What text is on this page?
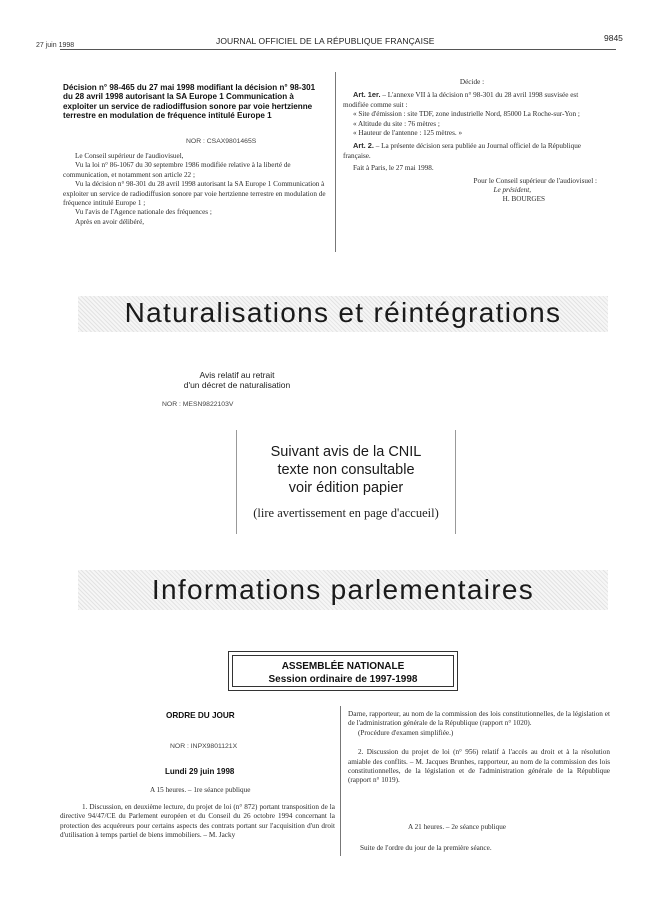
27 juin 1998	JOURNAL OFFICIEL DE LA RÉPUBLIQUE FRANÇAISE	9845
Décision n° 98-465 du 27 mai 1998 modifiant la décision n° 98-301 du 28 avril 1998 autorisant la SA Europe 1 Communication à exploiter un service de radiodiffusion sonore par voie hertzienne terrestre en modulation de fréquence intitulé Europe 1
NOR : CSAX9801465S

Le Conseil supérieur de l'audiovisuel,

Vu la loi n° 86-1067 du 30 septembre 1986 modifiée relative à la liberté de communication, et notamment son article 22 ;

Vu la décision n° 98-301 du 28 avril 1998 autorisant la SA Europe 1 Communication à exploiter un service de radiodiffusion sonore par voie hertzienne terrestre en modulation de fréquence intitulé Europe 1 ;

Vu l'avis de l'Agence nationale des fréquences ;

Après en avoir délibéré,

Décide :

Art. 1er. – L'annexe VII à la décision n° 98-301 du 28 avril 1998 susvisée est modifiée comme suit :

« Site d'émission : site TDF, zone industrielle Nord, 85000 La Roche-sur-Yon ;

« Altitude du site : 76 mètres ;

« Hauteur de l'antenne : 125 mètres. »

Art. 2. – La présente décision sera publiée au Journal officiel de la République française.

Fait à Paris, le 27 mai 1998.

Pour le Conseil supérieur de l'audiovisuel :

Le président,

H. BOURGES

Naturalisations et réintégrations
Avis relatif au retrait
d'un décret de naturalisation
NOR : MESN9822103V
Suivant avis de la CNIL
texte non consultable
voir édition papier
(lire avertissement en page d'accueil)
Informations parlementaires
ASSEMBLÉE NATIONALE
Session ordinaire de 1997-1998
ORDRE DU JOUR
NOR : INPX9801121X
Lundi 29 juin 1998
A 15 heures. – 1re séance publique

1. Discussion, en deuxième lecture, du projet de loi (n° 872) portant transposition de la directive 94/47/CE du Parlement européen et du Conseil du 26 octobre 1994 concernant la protection des acquéreurs pour certains aspects des contrats portant sur l'acquisition d'un droit d'utilisation à temps partiel de biens immobiliers. – M. Jacky

Darne, rapporteur, au nom de la commission des lois constitutionnelles, de la législation et de l'administration générale de la République (rapport n° 1020).

(Procédure d'examen simplifiée.)

2. Discussion du projet de loi (n° 956) relatif à l'accès au droit et à la résolution amiable des conflits. – M. Jacques Brunhes, rapporteur, au nom de la commission des lois constitutionnelles, de la législation et de l'administration générale de la République (rapport n° 1019).

A 21 heures. – 2e séance publique
Suite de l'ordre du jour de la première séance.
